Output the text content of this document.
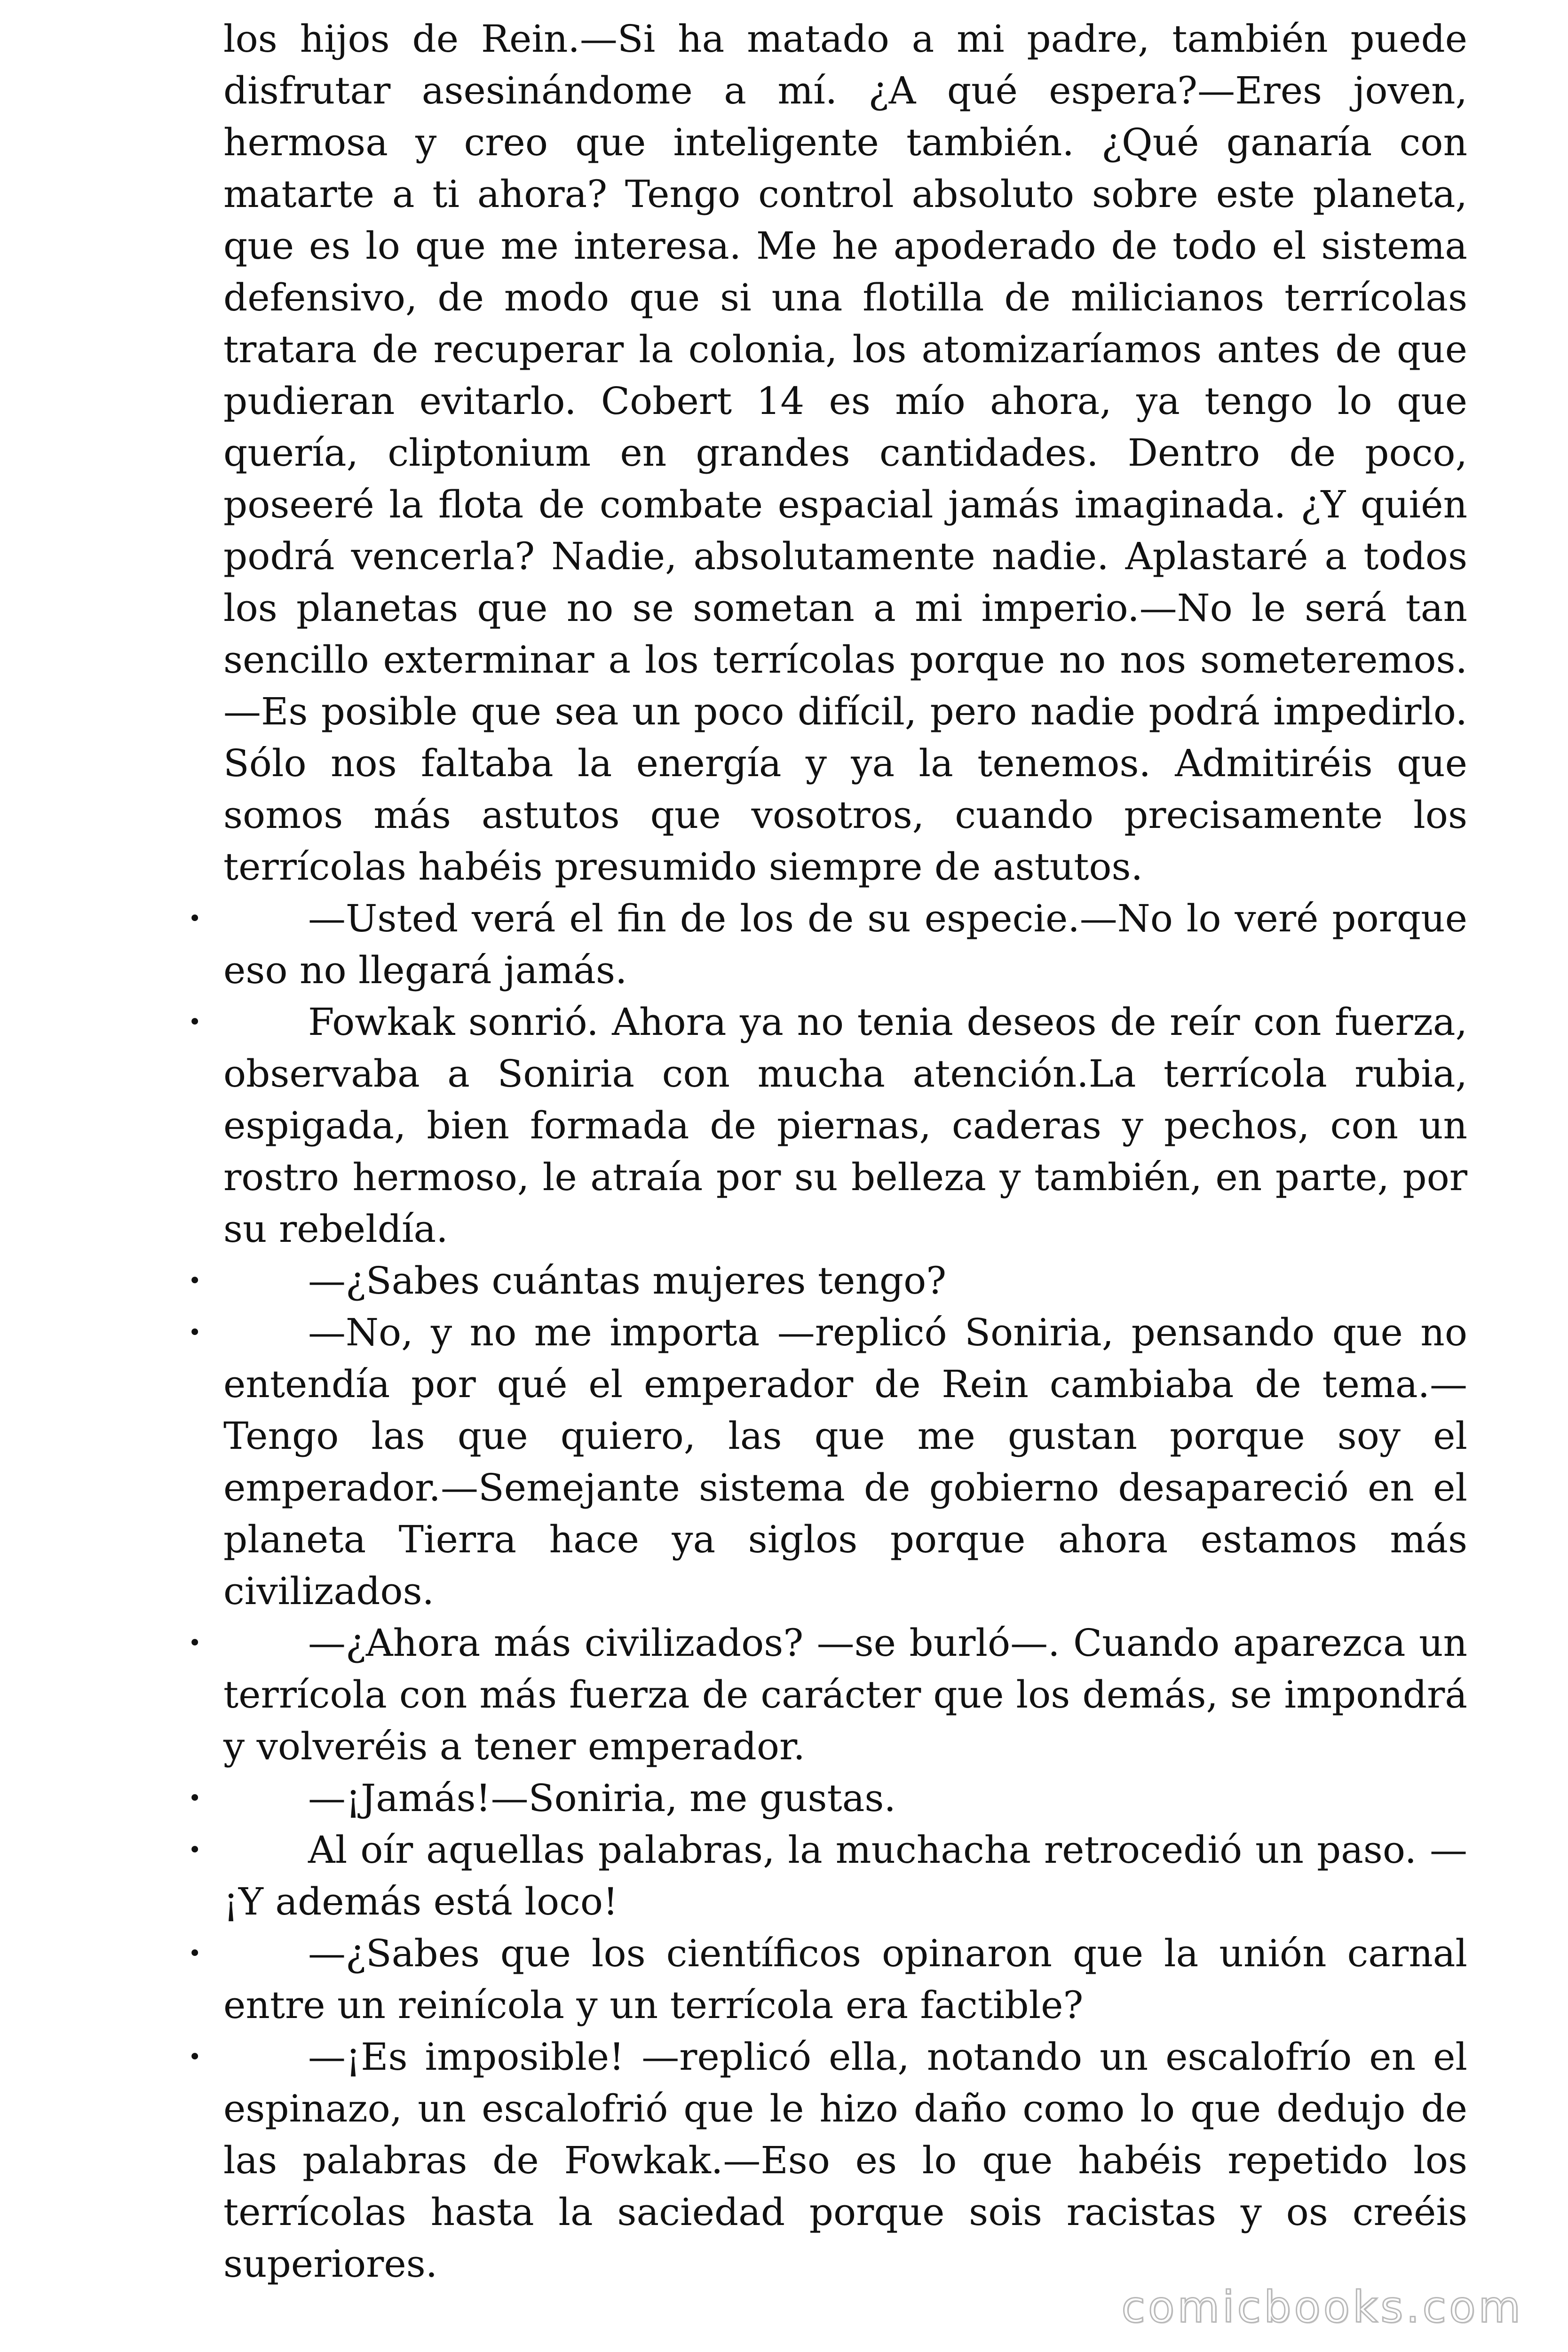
los hijos de Rein.—Si ha matado a mi padre, también puede disfrutar asesinándome a mí. ¿A qué espera?—Eres joven, hermosa y creo que inteligente también. ¿Qué ganaría con matarte a ti ahora? Tengo control absoluto sobre este planeta, que es lo que me interesa. Me he apoderado de todo el sistema defensivo, de modo que si una flotilla de milicianos terrícolas tratara de recuperar la colonia, los atomizaríamos antes de que pudieran evitarlo. Cobert 14 es mío ahora, ya tengo lo que quería, cliptonium en grandes cantidades. Dentro de poco, poseeré la flota de combate espacial jamás imaginada. ¿Y quién podrá vencerla? Nadie, absolutamente nadie. Aplastaré a todos los planetas que no se sometan a mi imperio.—No le será tan sencillo exterminar a los terrícolas porque no nos someteremos. —Es posible que sea un poco difícil, pero nadie podrá impedirlo. Sólo nos faltaba la energía y ya la tenemos. Admitiréis que somos más astutos que vosotros, cuando precisamente los terrícolas habéis presumido siempre de astutos.

•	—Usted verá el fin de los de su especie.—No lo veré porque eso no llegará jamás.

•	Fowkak sonrió. Ahora ya no tenia deseos de reír con fuerza, observaba a Soniria con mucha atención.La terrícola rubia, espigada, bien formada de piernas, caderas y pechos, con un rostro hermoso, le atraía por su belleza y también, en parte, por su rebeldía.

•	—¿Sabes cuántas mujeres tengo?

•	—No, y no me importa —replicó Soniria, pensando que no entendía por qué el emperador de Rein cambiaba de tema.—Tengo las que quiero, las que me gustan porque soy el emperador.—Semejante sistema de gobierno desapareció en el planeta Tierra hace ya siglos porque ahora estamos más civilizados.

•	—¿Ahora más civilizados? —se burló—. Cuando aparezca un terrícola con más fuerza de carácter que los demás, se impondrá y volveréis a tener emperador.

•	—¡Jamás!—Soniria, me gustas.

•	Al oír aquellas palabras, la muchacha retrocedió un paso. —¡Y además está loco!

•	—¿Sabes que los científicos opinaron que la unión carnal entre un reinícola y un terrícola era factible?

•	—¡Es imposible! —replicó ella, notando un escalofrío en el espinazo, un escalofrió que le hizo daño como lo que dedujo de las palabras de Fowkak.—Eso es lo que habéis repetido los terrícolas hasta la saciedad porque sois racistas y os creéis superiores.

comicbooks.com
